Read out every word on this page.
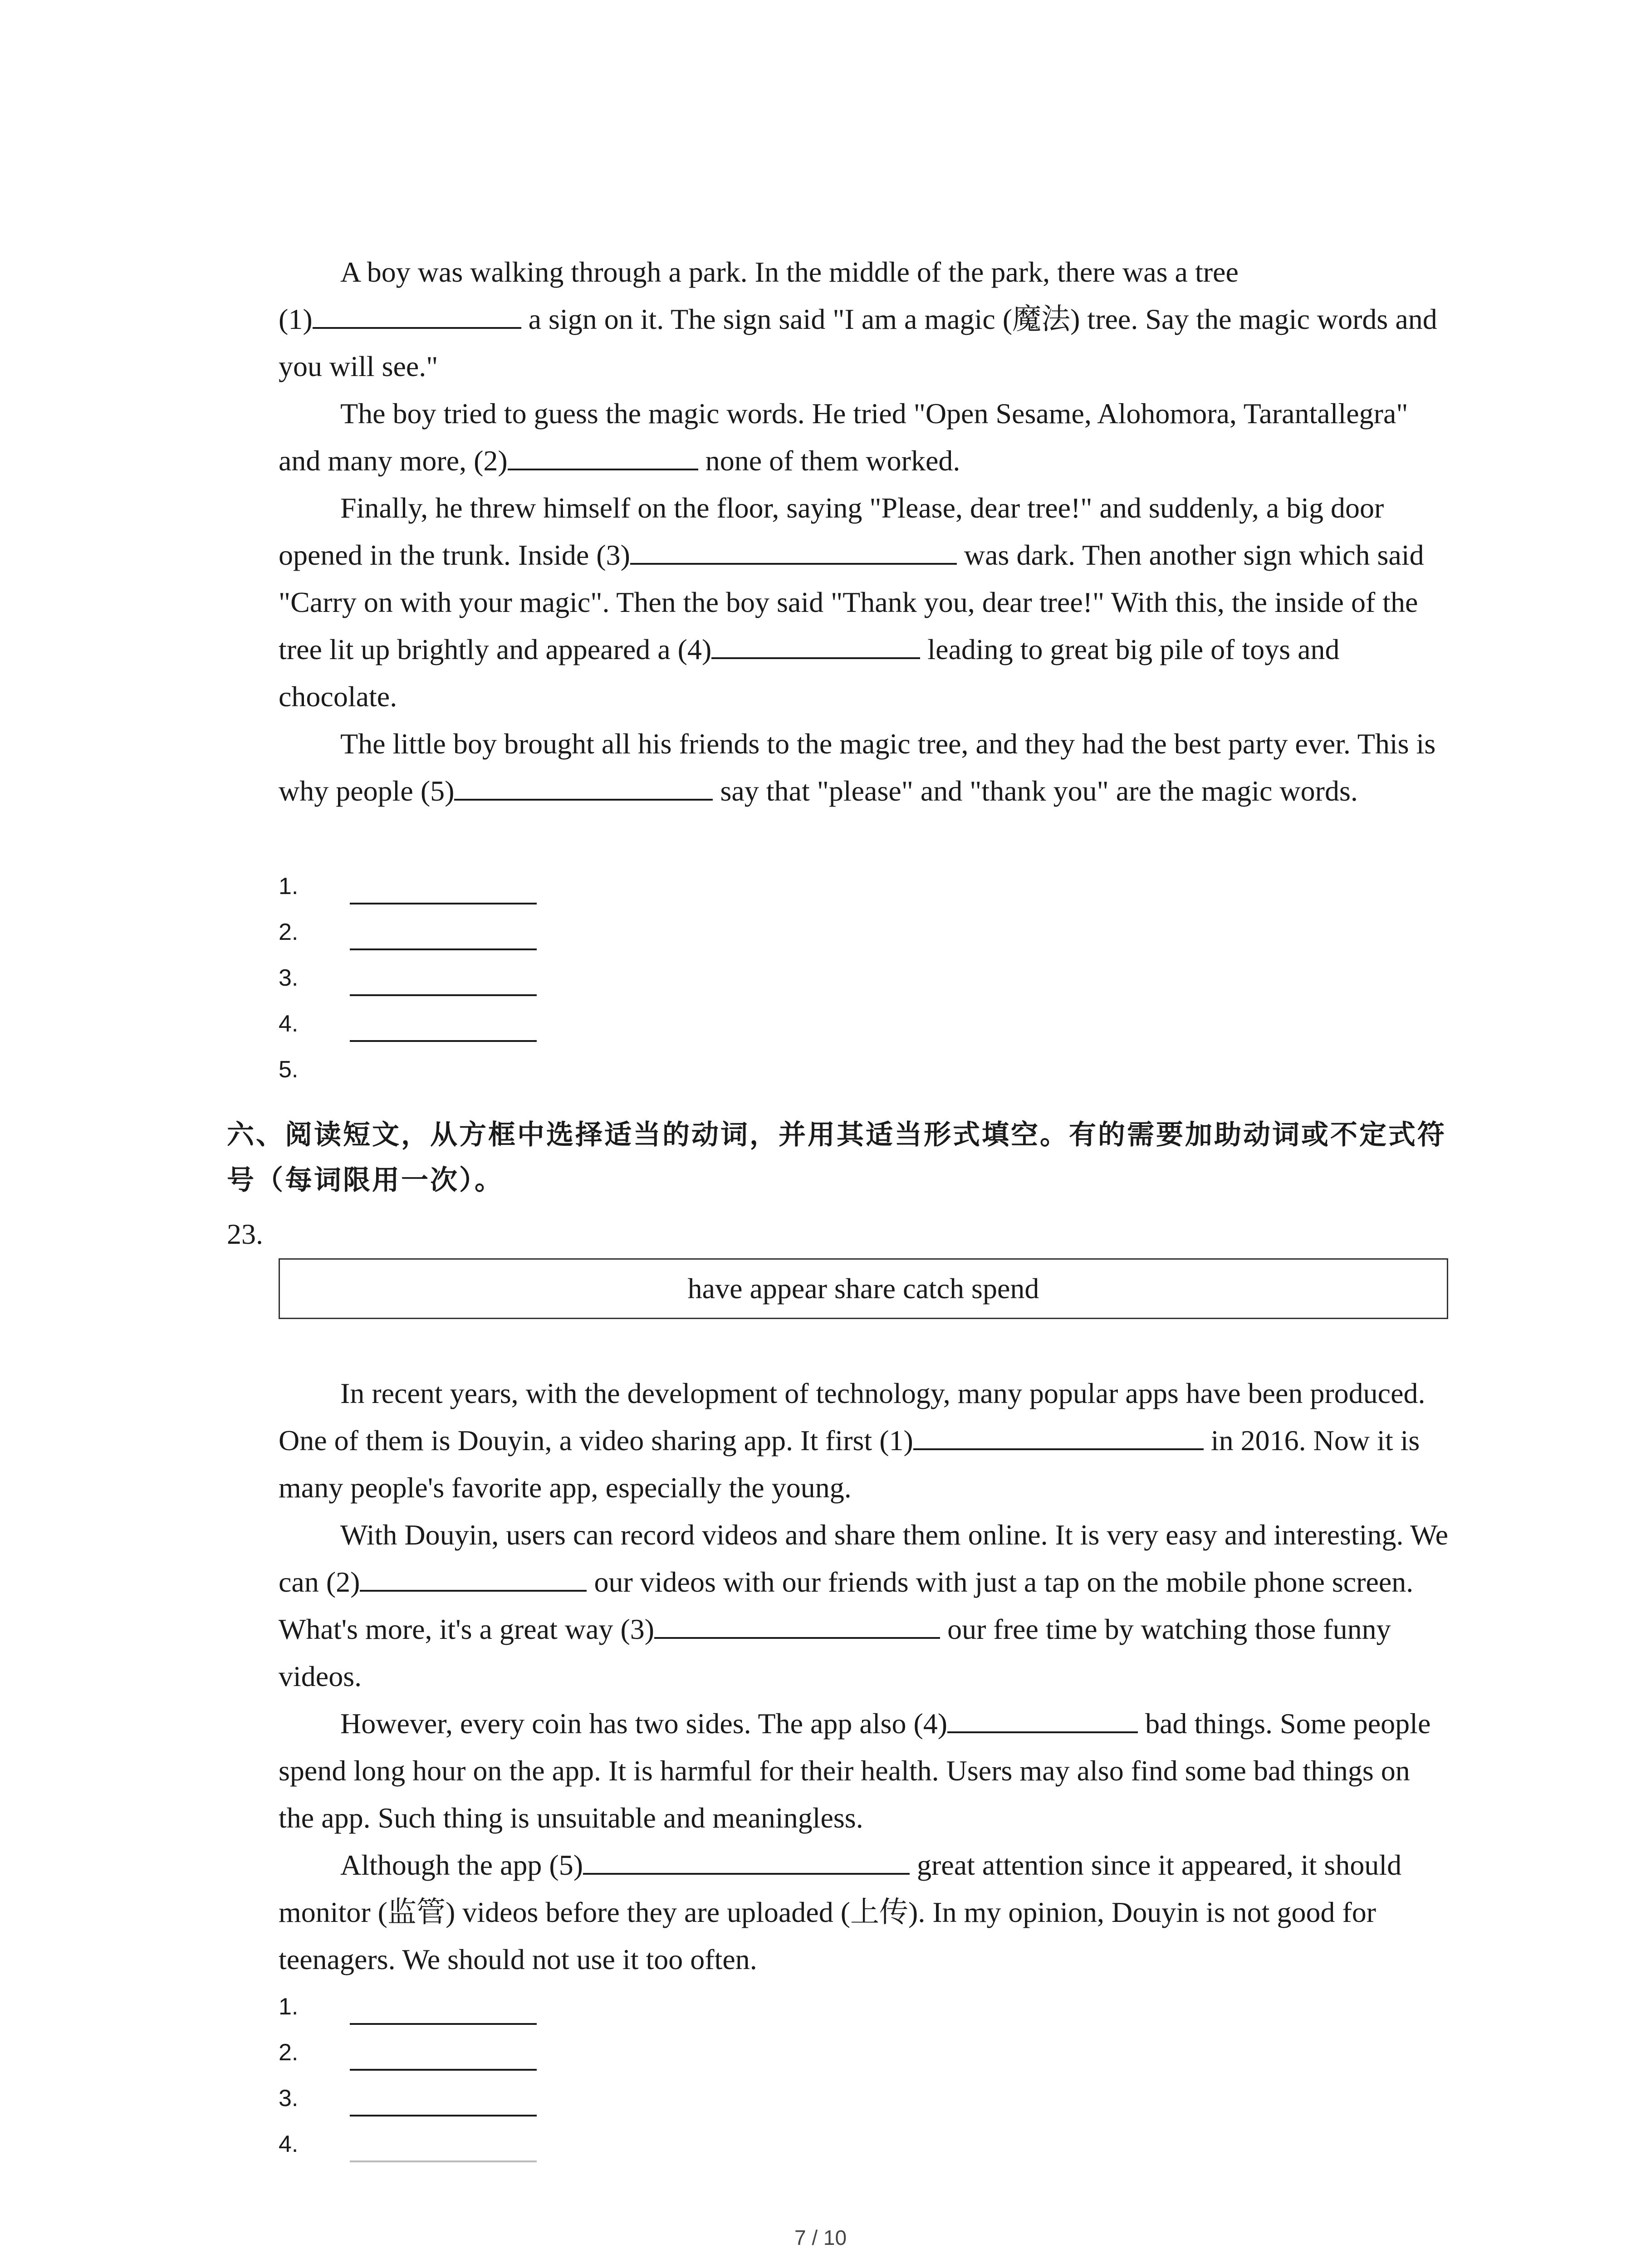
A boy was walking through a park. In the middle of the park, there was a tree
(1)	a sign on it. The sign said "I am a magic (魔法) tree. Say the magic words and you will see."

The boy tried to guess the magic words. He tried "Open Sesame, Alohomora, Tarantallegra" and many more, (2)	none of them worked.

Finally, he threw himself on the floor, saying "Please, dear tree!" and suddenly, a big door opened in the trunk. Inside (3)	was dark. Then another sign which said "Carry on with your magic". Then the boy said "Thank you, dear tree!" With this, the inside of the tree lit up brightly and appeared a (4)	leading to great big pile of toys and chocolate.

The little boy brought all his friends to the magic tree, and they had the best party ever. This is why people (5)	say that "please" and "thank you" are the magic words.

1.
2.
3.
4.
5.
六、阅读短文，从方框中选择适当的动词，并用其适当形式填空。有的需要加助动词或不定式符号（每词限用一次）。
23.
have appear share catch spend

In recent years, with the development of technology, many popular apps have been produced. One of them is Douyin, a video sharing app. It first (1)	in 2016. Now it is many people's favorite app, especially the young.

With Douyin, users can record videos and share them online. It is very easy and interesting. We can (2)	our videos with our friends with just a tap on the mobile phone screen. What's more, it's a great way (3)	our free time by watching those funny videos.

However, every coin has two sides. The app also (4)	bad things. Some people spend long hour on the app. It is harmful for their health. Users may also find some bad things on the app. Such thing is unsuitable and meaningless.

Although the app (5)	great attention since it appeared, it should monitor (监管) videos before they are uploaded (上传). In my opinion, Douyin is not good for teenagers. We should not use it too often.

1.
2.
3.
4.
7 / 10
